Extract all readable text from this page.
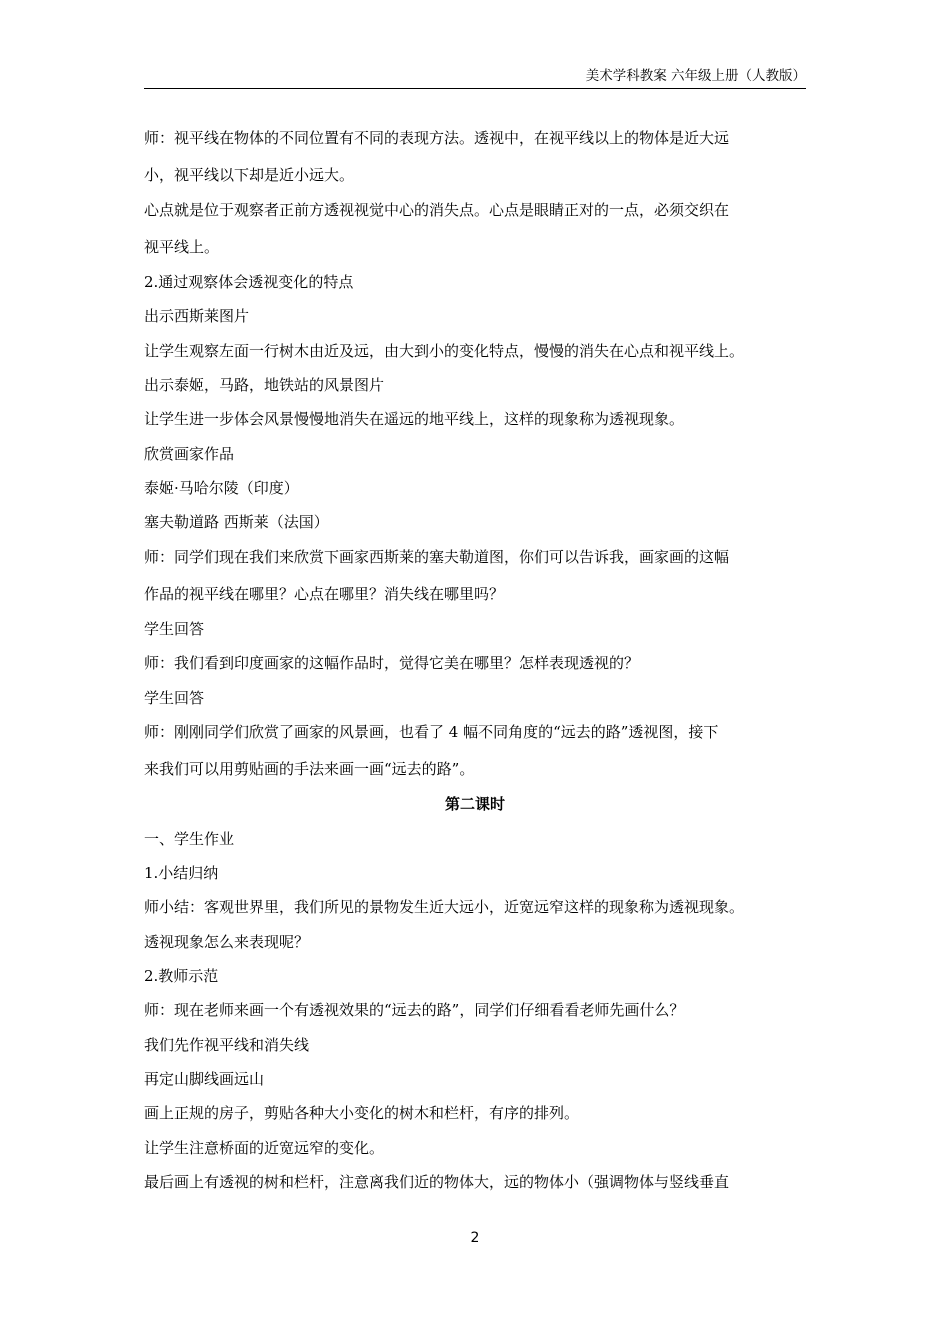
美术学科教案 六年级上册（人教版）
师：视平线在物体的不同位置有不同的表现方法。透视中，在视平线以上的物体是近大远
小，视平线以下却是近小远大。
心点就是位于观察者正前方透视视觉中心的消失点。心点是眼睛正对的一点，必须交织在
视平线上。
2.通过观察体会透视变化的特点
出示西斯莱图片
让学生观察左面一行树木由近及远，由大到小的变化特点，慢慢的消失在心点和视平线上。
出示泰姬，马路，地铁站的风景图片
让学生进一步体会风景慢慢地消失在遥远的地平线上，这样的现象称为透视现象。
欣赏画家作品
泰姬·马哈尔陵（印度）
塞夫勒道路 西斯莱（法国）
师：同学们现在我们来欣赏下画家西斯莱的塞夫勒道图，你们可以告诉我，画家画的这幅
作品的视平线在哪里？心点在哪里？消失线在哪里吗？
学生回答
师：我们看到印度画家的这幅作品时，觉得它美在哪里？怎样表现透视的？
学生回答
师：刚刚同学们欣赏了画家的风景画，也看了 4 幅不同角度的“远去的路”透视图，接下
来我们可以用剪贴画的手法来画一画“远去的路”。
第二课时
一、学生作业
1.小结归纳
师小结：客观世界里，我们所见的景物发生近大远小，近宽远窄这样的现象称为透视现象。
透视现象怎么来表现呢？
2.教师示范
师：现在老师来画一个有透视效果的“远去的路”，同学们仔细看看老师先画什么？
我们先作视平线和消失线
再定山脚线画远山
画上正规的房子，剪贴各种大小变化的树木和栏杆，有序的排列。
让学生注意桥面的近宽远窄的变化。
最后画上有透视的树和栏杆，注意离我们近的物体大，远的物体小（强调物体与竖线垂直
2
